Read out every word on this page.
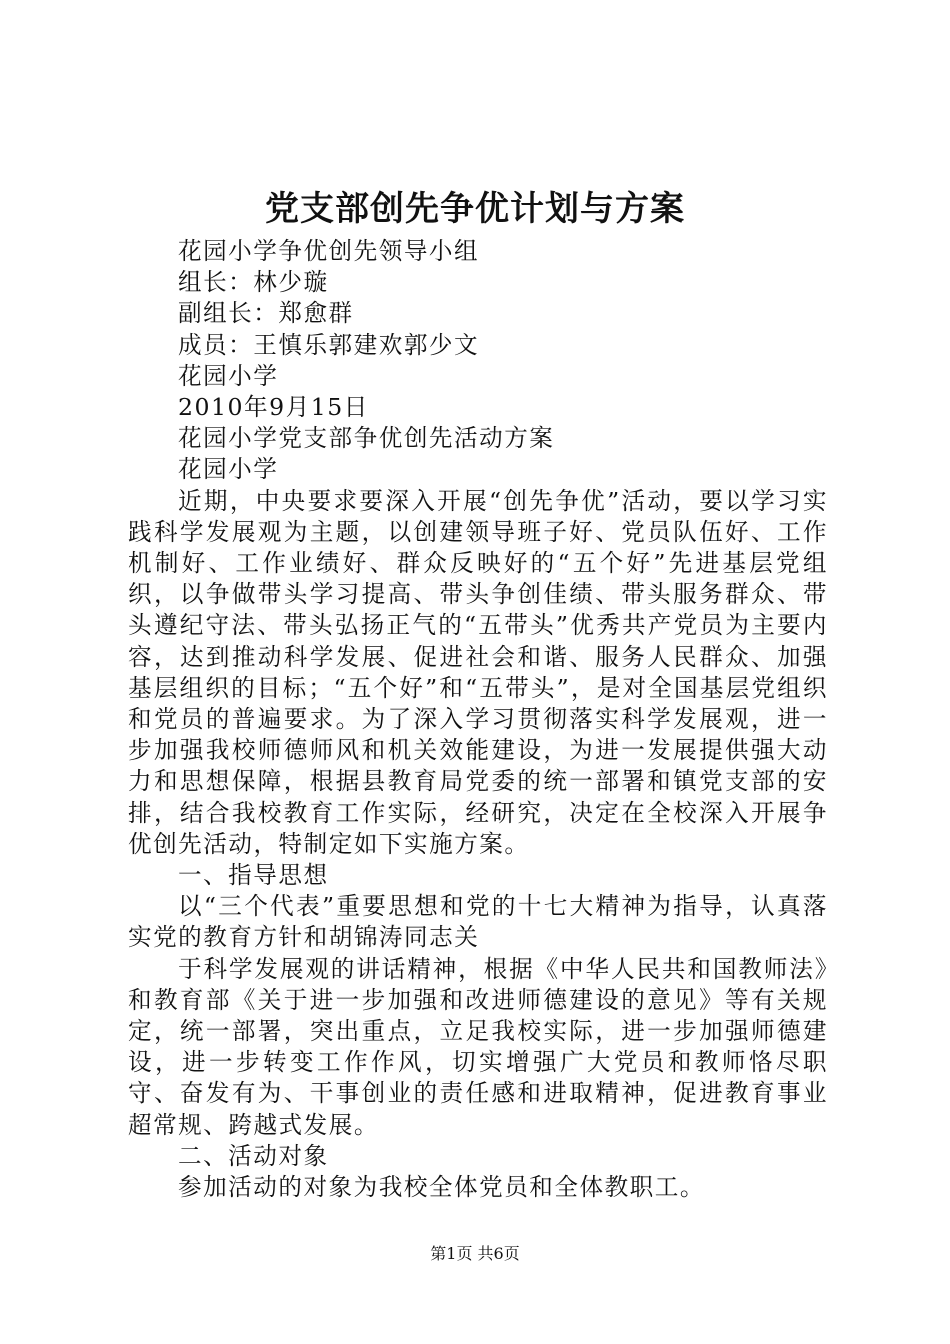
党支部创先争优计划与方案

花园小学争优创先领导小组

组长：林少璇

副组长：郑愈群

成员：王慎乐郭建欢郭少文

花园小学

2010年9月15日

花园小学党支部争优创先活动方案

花园小学

近期，中央要求要深入开展“创先争优”活动，要以学习实践科学发展观为主题，以创建领导班子好、党员队伍好、工作机制好、工作业绩好、群众反映好的“五个好”先进基层党组织，以争做带头学习提高、带头争创佳绩、带头服务群众、带头遵纪守法、带头弘扬正气的“五带头”优秀共产党员为主要内容，达到推动科学发展、促进社会和谐、服务人民群众、加强基层组织的目标；“五个好”和“五带头”，是对全国基层党组织和党员的普遍要求。为了深入学习贯彻落实科学发展观，进一步加强我校师德师风和机关效能建设，为进一发展提供强大动力和思想保障，根据县教育局党委的统一部署和镇党支部的安排，结合我校教育工作实际，经研究，决定在全校深入开展争优创先活动，特制定如下实施方案。

一、指导思想

以“三个代表”重要思想和党的十七大精神为指导，认真落实党的教育方针和胡锦涛同志关

于科学发展观的讲话精神，根据《中华人民共和国教师法》和教育部《关于进一步加强和改进师德建设的意见》等有关规定，统一部署，突出重点，立足我校实际，进一步加强师德建设，进一步转变工作作风，切实增强广大党员和教师恪尽职守、奋发有为、干事创业的责任感和进取精神，促进教育事业超常规、跨越式发展。

二、活动对象

参加活动的对象为我校全体党员和全体教职工。

第1页 共6页
